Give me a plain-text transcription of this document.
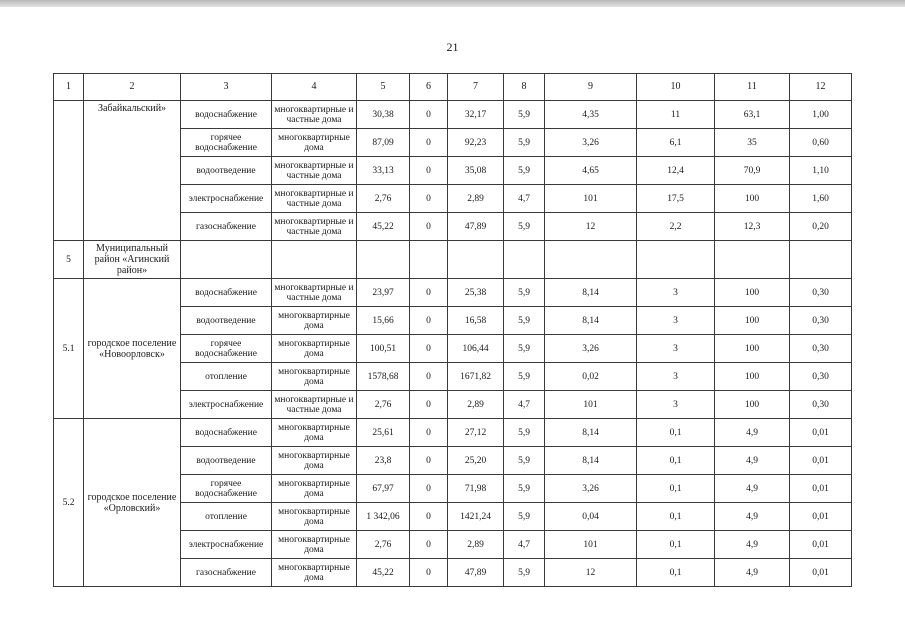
21
1	2	3	4	5	6	7	8	9	10	11	12
	Забайкальский»	водоснабжение	многоквартирные и частные дома	30,38	0	32,17	5,9	4,35	11	63,1	1,00
		горячее водоснабжение	многоквартирные дома	87,09	0	92,23	5,9	3,26	6,1	35	0,60
		водоотведение	многоквартирные и частные дома	33,13	0	35,08	5,9	4,65	12,4	70,9	1,10
		электроснабжение	многоквартирные и частные дома	2,76	0	2,89	4,7	101	17,5	100	1,60
		газоснабжение	многоквартирные и частные дома	45,22	0	47,89	5,9	12	2,2	12,3	0,20
5	Муниципальный район «Агинский район»										
5.1	городское поселение «Новоорловск»	водоснабжение	многоквартирные и частные дома	23,97	0	25,38	5,9	8,14	3	100	0,30
		водоотведение	многоквартирные дома	15,66	0	16,58	5,9	8,14	3	100	0,30
		горячее водоснабжение	многоквартирные дома	100,51	0	106,44	5,9	3,26	3	100	0,30
		отопление	многоквартирные дома	1578,68	0	1671,82	5,9	0,02	3	100	0,30
		электроснабжение	многоквартирные и частные дома	2,76	0	2,89	4,7	101	3	100	0,30
5.2	городское поселение «Орловский»	водоснабжение	многоквартирные дома	25,61	0	27,12	5,9	8,14	0,1	4,9	0,01
		водоотведение	многоквартирные дома	23,8	0	25,20	5,9	8,14	0,1	4,9	0,01
		горячее водоснабжение	многоквартирные дома	67,97	0	71,98	5,9	3,26	0,1	4,9	0,01
		отопление	многоквартирные дома	1 342,06	0	1421,24	5,9	0,04	0,1	4,9	0,01
		электроснабжение	многоквартирные дома	2,76	0	2,89	4,7	101	0,1	4,9	0,01
		газоснабжение	многоквартирные дома	45,22	0	47,89	5,9	12	0,1	4,9	0,01
